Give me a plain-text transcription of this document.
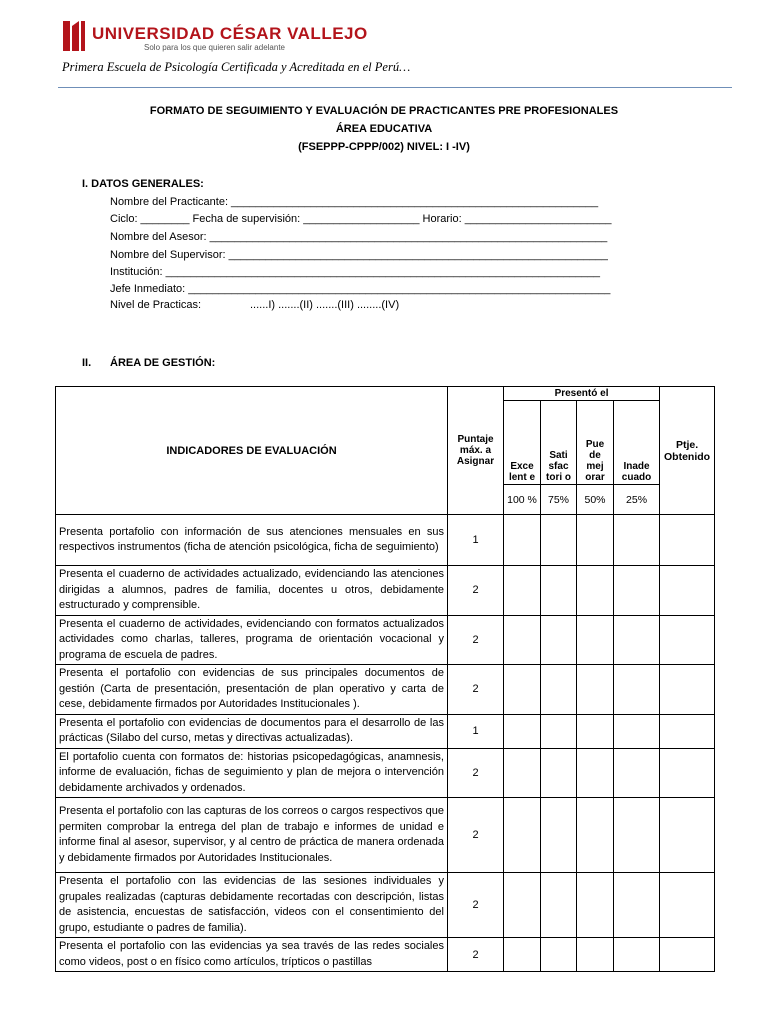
UNIVERSIDAD CÉSAR VALLEJO
Solo para los que quieren salir adelante
Primera Escuela de Psicología Certificada y Acreditada en el Perú…
FORMATO DE SEGUIMIENTO Y EVALUACIÓN DE PRACTICANTES PRE PROFESIONALES
ÁREA EDUCATIVA
(FSEPPP-CPPP/002) NIVEL: I -IV)
I. DATOS GENERALES:
Nombre del Practicante: ____________________________________________________________
Ciclo: ________ Fecha de supervisión: ___________________ Horario: ________________________
Nombre del Asesor: _________________________________________________________________
Nombre del Supervisor: ______________________________________________________________
Institución: _______________________________________________________________________
Jefe Inmediato: _____________________________________________________________________
Nivel de Practicas:	......I) .......(II) .......(III) ........(IV)
II. ÁREA DE GESTIÓN:
INDICADORES DE EVALUACIÓN	Puntaje máx. a Asignar	Presentó el				Ptje. Obtenido
		Exce lent e	Sati sfac tori o	Pue de mej orar	Inade cuado	
		100 %	75%	50%	25%	
Presenta portafolio con información de sus atenciones mensuales en sus respectivos instrumentos (ficha de atención psicológica, ficha de seguimiento)	1					
Presenta el cuaderno de actividades actualizado, evidenciando las atenciones dirigidas a alumnos, padres de familia, docentes u otros, debidamente estructurado y comprensible.	2					
Presenta el cuaderno de actividades, evidenciando con formatos actualizados actividades como charlas, talleres, programa de orientación vocacional y programa de escuela de padres.	2					
Presenta el portafolio con evidencias de sus principales documentos de gestión (Carta de presentación, presentación de plan operativo y carta de cese, debidamente firmados por Autoridades Institucionales ).	2					
Presenta el portafolio con evidencias de documentos para el desarrollo de las prácticas (Silabo del curso, metas y directivas actualizadas).	1					
El portafolio cuenta con formatos de: historias psicopedagógicas, anamnesis, informe de evaluación, fichas de seguimiento y plan de mejora o intervención debidamente archivados y ordenados.	2					
Presenta el portafolio con las capturas de los correos o cargos respectivos que permiten comprobar la entrega del plan de trabajo e informes de unidad e informe final al asesor, supervisor, y al centro de práctica de manera ordenada y debidamente firmados por Autoridades Institucionales.	2					
Presenta el portafolio con las evidencias de las sesiones individuales y grupales realizadas (capturas debidamente recortadas con descripción, listas de asistencia, encuestas de satisfacción, videos con el consentimiento del grupo, estudiante o padres de familia).	2					
Presenta el portafolio con las evidencias ya sea través de las redes sociales como videos, post o en físico como artículos, trípticos o pastillas	2					
